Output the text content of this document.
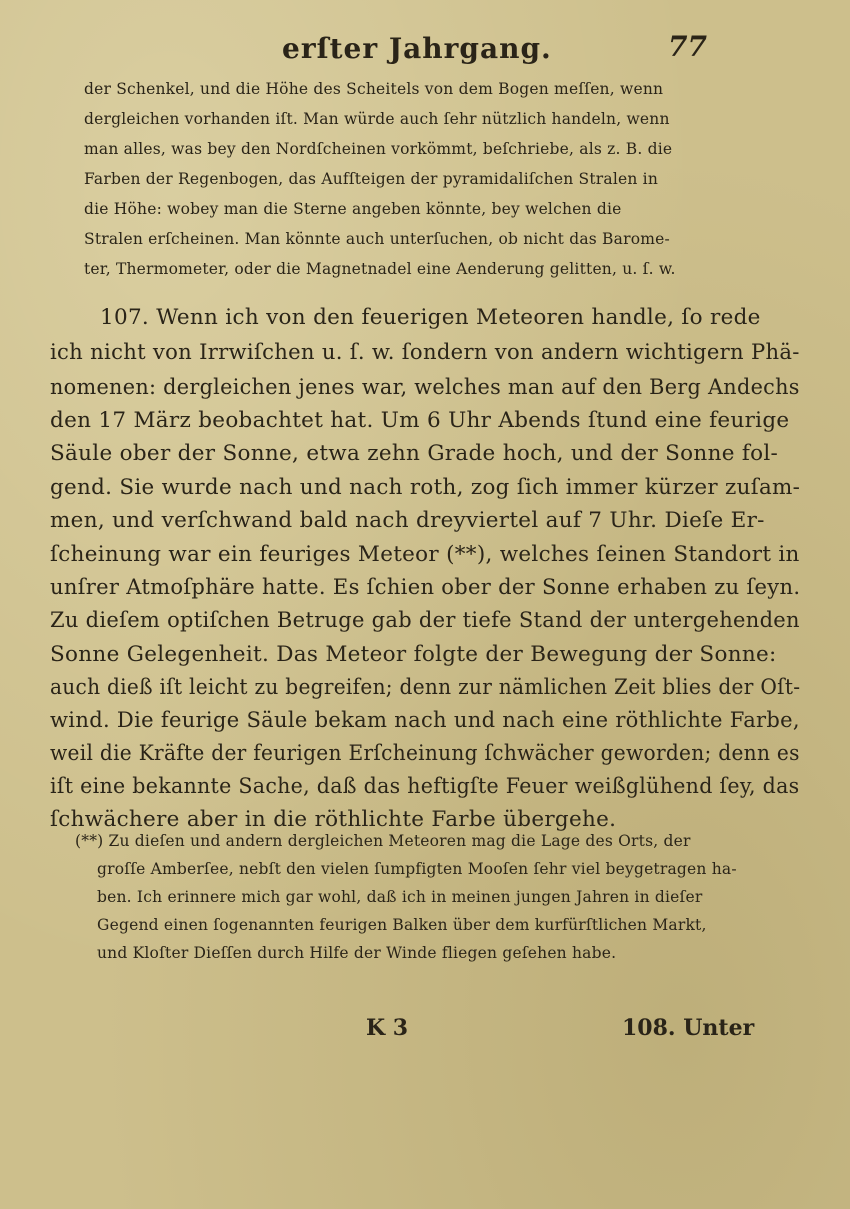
erſter Jahrgang.	77
der Schenkel, und die Höhe des Scheitels von dem Bogen meſſen, wenn
dergleichen vorhanden iſt. Man würde auch ſehr nützlich handeln, wenn
man alles, was bey den Nordſcheinen vorkömmt, beſchriebe, als z. B. die
Farben der Regenbogen, das Aufſteigen der pyramidaliſchen Stralen in
die Höhe: wobey man die Sterne angeben könnte, bey welchen die
Stralen erſcheinen. Man könnte auch unterſuchen, ob nicht das Barome-
ter, Thermometer, oder die Magnetnadel eine Aenderung gelitten, u. ſ. w.
107. Wenn ich von den feuerigen Meteoren handle, ſo rede
ich nicht von Irrwiſchen u. ſ. w. ſondern von andern wichtigern Phä-
nomenen: dergleichen jenes war, welches man auf den Berg Andechs
den 17 März beobachtet hat. Um 6 Uhr Abends ſtund eine feurige
Säule ober der Sonne, etwa zehn Grade hoch, und der Sonne fol-
gend. Sie wurde nach und nach roth, zog ſich immer kürzer zuſam-
men, und verſchwand bald nach dreyviertel auf 7 Uhr. Dieſe Er-
ſcheinung war ein feuriges Meteor (**), welches ſeinen Standort in
unſrer Atmoſphäre hatte. Es ſchien ober der Sonne erhaben zu ſeyn.
Zu dieſem optiſchen Betruge gab der tiefe Stand der untergehenden
Sonne Gelegenheit. Das Meteor folgte der Bewegung der Sonne:
auch dieß iſt leicht zu begreifen; denn zur nämlichen Zeit blies der Oſt-
wind. Die feurige Säule bekam nach und nach eine röthlichte Farbe,
weil die Kräfte der feurigen Erſcheinung ſchwächer geworden; denn es
iſt eine bekannte Sache, daß das heftigſte Feuer weißglühend ſey, das
ſchwächere aber in die röthlichte Farbe übergehe.
(**) Zu dieſen und andern dergleichen Meteoren mag die Lage des Orts, der
groſſe Amberſee, nebſt den vielen ſumpfigten Mooſen ſehr viel beygetragen ha-
ben. Ich erinnere mich gar wohl, daß ich in meinen jungen Jahren in dieſer
Gegend einen ſogenannten feurigen Balken über dem kurfürſtlichen Markt,
und Kloſter Dieſſen durch Hilfe der Winde fliegen geſehen habe.
K 3	108. Unter
